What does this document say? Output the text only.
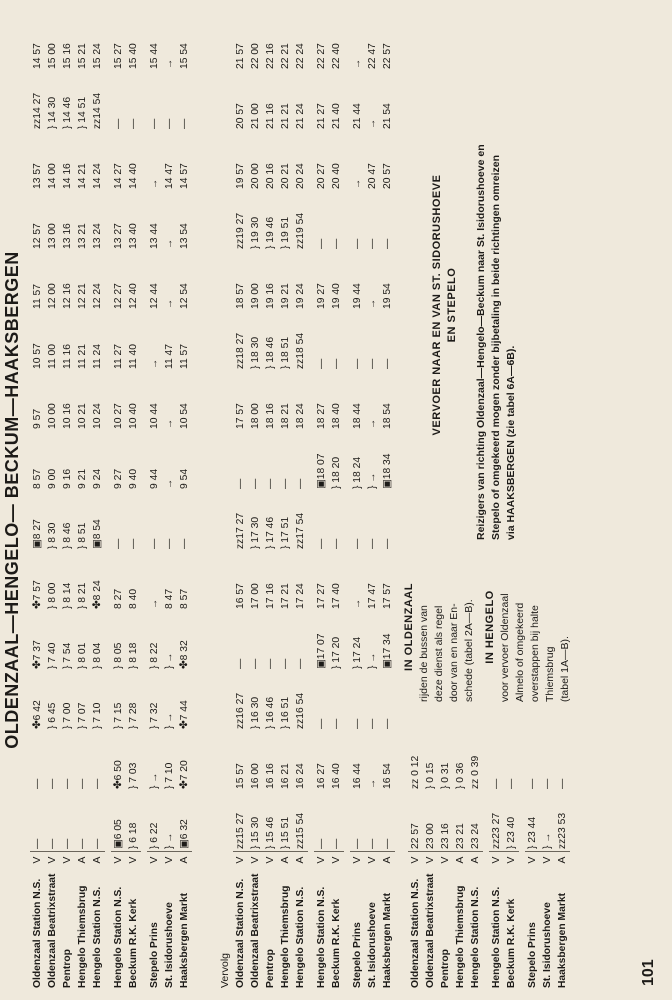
OLDENZAAL—HENGELO— BECKUM—HAAKSBERGEN
Oldenzaal Station N.S.	V	—	—	✤6 42	✤7 37	✤7 57	▣8 27	8 57	9 57	10 57	11 57	12 57	13 57	zz14 27	14 57
Oldenzaal Beatrixstraat	V	—	—	} 6 45	} 7 40	} 8 00	} 8 30	9 00	10 00	11 00	12 00	13 00	14 00	} 14 30	15 00
Pentrop	V	—	—	} 7 00	} 7 54	} 8 14	} 8 46	9 16	10 16	11 16	12 16	13 16	14 16	} 14 46	15 16
Hengelo Thiemsbrug	A	—	—	} 7 07	} 8 01	} 8 21	} 8 51	9 21	10 21	11 21	12 21	13 21	14 21	} 14 51	15 21
Hengelo Station N.S.	A	—	—	} 7 10	} 8 04	✤8 24	▣8 54	9 24	10 24	11 24	12 24	13 24	14 24	zz14 54	15 24

Hengelo Station N.S.	V	▣6 05	✤6 50	} 7 15	} 8 05	8 27	—	9 27	10 27	11 27	12 27	13 27	14 27	—	15 27
Beckum R.K. Kerk	V	} 6 18	} 7 03	} 7 28	} 8 18	8 40	—	9 40	10 40	11 40	12 40	13 40	14 40	—	15 40

Stepelo Prins	V	} 6 22	} →	} 7 32	} 8 22	→	—	9 44	10 44	→	12 44	13 44	→	—	15 44
St. Isidorushoeve	V	} →	} 7 10	} →	} →	8 47	—	→	→	11 47	→	→	14 47	—	→
Haaksbergen Markt	A	▣6 32	✤7 20	✤7 44	✤8 32	8 57	—	9 54	10 54	11 57	12 54	13 54	14 57	—	15 54
Vervolg															
Oldenzaal Station N.S.	V	zz15 27	15 57	zz16 27	—	16 57	zz17 27	—	17 57	zz18 27	18 57	zz19 27	19 57	20 57	21 57
Oldenzaal Beatrixstraat	V	} 15 30	16 00	} 16 30	—	17 00	} 17 30	—	18 00	} 18 30	19 00	} 19 30	20 00	21 00	22 00
Pentrop	V	} 15 46	16 16	} 16 46	—	17 16	} 17 46	—	18 16	} 18 46	19 16	} 19 46	20 16	21 16	22 16
Hengelo Thiemsbrug	A	} 15 51	16 21	} 16 51	—	17 21	} 17 51	—	18 21	} 18 51	19 21	} 19 51	20 21	21 21	22 21
Hengelo Station N.S.	A	zz15 54	16 24	zz16 54	—	17 24	zz17 54	—	18 24	zz18 54	19 24	zz19 54	20 24	21 24	22 24

Hengelo Station N.S.	V	—	16 27	—	▣17 07	17 27	—	▣18 07	18 27	—	19 27	—	20 27	21 27	22 27
Beckum R.K. Kerk	V	—	16 40	—	} 17 20	17 40	—	} 18 20	18 40	—	19 40	—	20 40	21 40	22 40

Stepelo Prins	V	—	16 44	—	} 17 24	→	—	} 18 24	18 44	—	19 44	—	→	21 44	→
St. Isidorushoeve	V	—	→	—	} →	17 47	—	} →	→	—	→	—	20 47	→	22 47
Haaksbergen Markt	A	—	16 54	—	▣17 34	17 57	—	▣18 34	18 54	—	19 54	—	20 57	21 54	22 57
Oldenzaal Station N.S.	V	22 57	zz 0 12
Oldenzaal Beatrixstraat	V	23 00	} 0 15
Pentrop	V	23 16	} 0 31
Hengelo Thiemsbrug	A	23 21	} 0 36
Hengelo Station N.S.	A	23 24	zz 0 39

Hengelo Station N.S.	V	zz23 27	—
Beckum R.K. Kerk	V	} 23 40	—

Stepelo Prins	V	} 23 44	—
St. Isidorushoeve	V	} →	—
Haaksbergen Markt	A	zz23 53	—
IN OLDENZAAL rijden de bussen van deze dienst als regel door van en naar En- schede (tabel 2A—B). IN HENGELO voor vervoer Oldenzaal Almelo of omgekeerd overstappen bij halte Thiemsbrug (tabel 1A—B).
VERVOER NAAR EN VAN ST. SIDORUSHOEVE EN STEPELO Reizigers van richting Oldenzaal—Hengelo—Beckum naar St. Isidorushoeve en Stepelo of omgekeerd mogen zonder bijbetaling in beide richtingen omreizen via HAAKSBERGEN (zie tabel 6A—6B).
101
